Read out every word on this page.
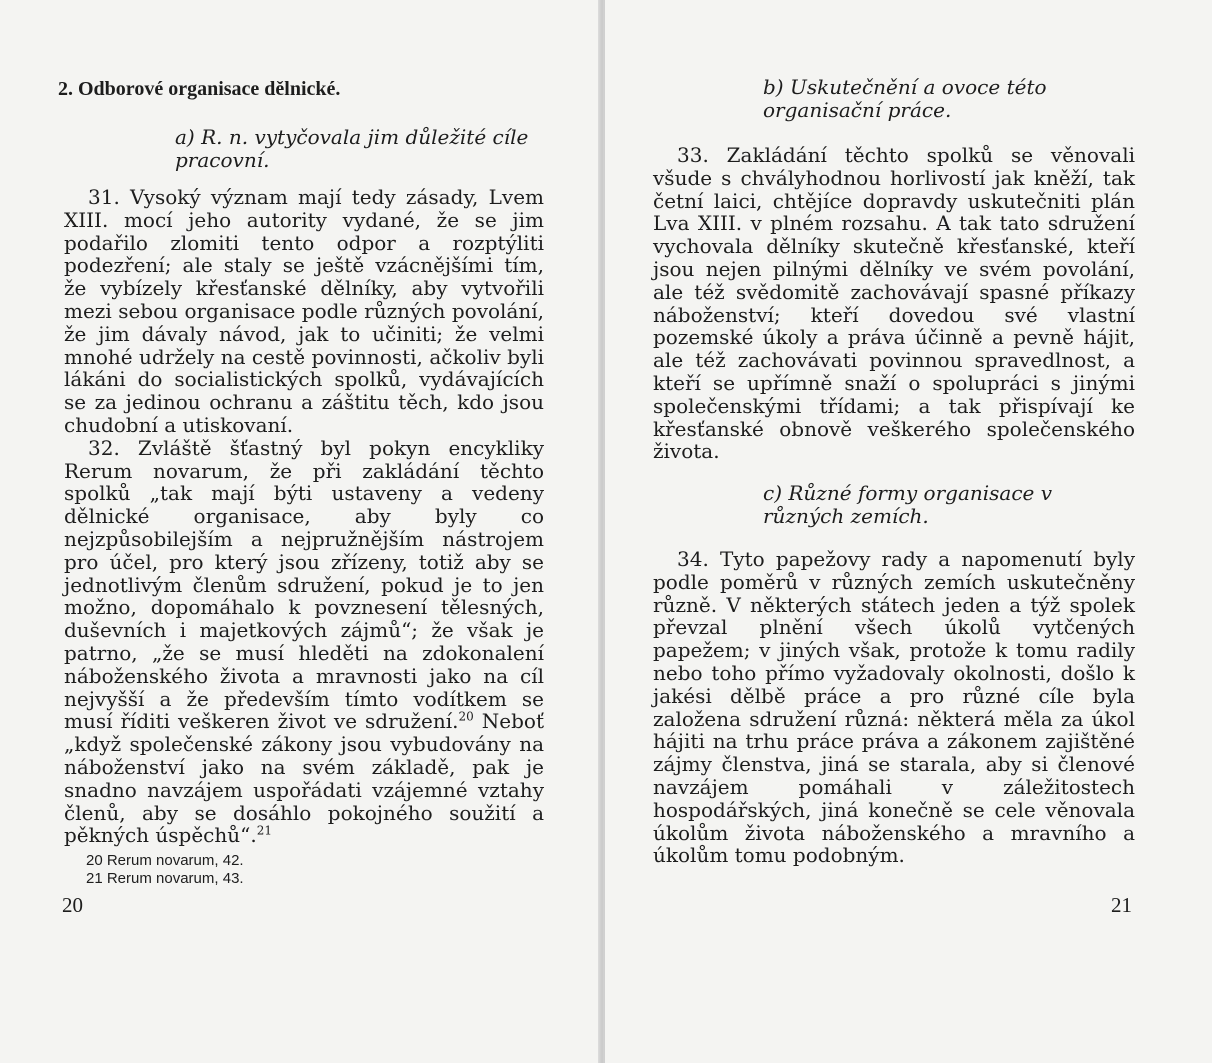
2. Odborové organisace dělnické.
a) R. n. vytyčovala jim důležité cíle pracovní.

31. Vysoký význam mají tedy zásady, Lvem XIII. mocí jeho autority vydané, že se jim podařilo zlomiti tento odpor a rozptýliti podezření; ale staly se ještě vzácnějšími tím, že vybízely křesťanské dělníky, aby vytvořili mezi sebou organisace podle různých povolání, že jim dávaly návod, jak to učiniti; že velmi mnohé udržely na cestě povinnosti, ačkoliv byli lákáni do socialistických spolků, vydávajících se za jedinou ochranu a záštitu těch, kdo jsou chudobní a utiskovaní.

32. Zvláště šťastný byl pokyn encykliky Rerum novarum, že při zakládání těchto spolků „tak mají býti ustaveny a vedeny dělnické organisace, aby byly co nejzpůsobilejším a nejpružnějším nástrojem pro účel, pro který jsou zřízeny, totiž aby se jednotlivým členům sdružení, pokud je to jen možno, dopomáhalo k povznesení tělesných, duševních i majetkových zájmů“; že však je patrno, „že se musí hleděti na zdokonalení náboženského života a mravnosti jako na cíl nejvyšší a že především tímto vodítkem se musí říditi veškeren život ve sdružení.$^{20}$ Neboť „když společenské zákony jsou vybudovány na náboženství jako na svém základě, pak je snadno navzájem uspořádati vzájemné vztahy členů, aby se dosáhlo pokojného soužití a pěkných úspěchů“.$^{21}$

20 Rerum novarum, 42.
21 Rerum novarum, 43.
20
b) Uskutečnění a ovoce této organisační práce.

33. Zakládání těchto spolků se věnovali všude s chvályhodnou horlivostí jak kněží, tak četní laici, chtějíce dopravdy uskutečniti plán Lva XIII. v plném rozsahu. A tak tato sdružení vychovala dělníky skutečně křesťanské, kteří jsou nejen pilnými dělníky ve svém povolání, ale též svědomitě zachovávají spasné příkazy náboženství; kteří dovedou své vlastní pozemské úkoly a práva účinně a pevně hájit, ale též zachovávati povinnou spravedlnost, a kteří se upřímně snaží o spolupráci s jinými společenskými třídami; a tak přispívají ke křesťanské obnově veškerého společenského života.

c) Různé formy organisace v různých zemích.

34. Tyto papežovy rady a napomenutí byly podle poměrů v různých zemích uskutečněny různě. V některých státech jeden a týž spolek převzal plnění všech úkolů vytčených papežem; v jiných však, protože k tomu radily nebo toho přímo vyžadovaly okolnosti, došlo k jakési dělbě práce a pro různé cíle byla založena sdružení různá: některá měla za úkol hájiti na trhu práce práva a zákonem zajištěné zájmy členstva, jiná se starala, aby si členové navzájem pomáhali v záležitostech hospodářských, jiná konečně se cele věnovala úkolům života náboženského a mravního a úkolům tomu podobným.

21
